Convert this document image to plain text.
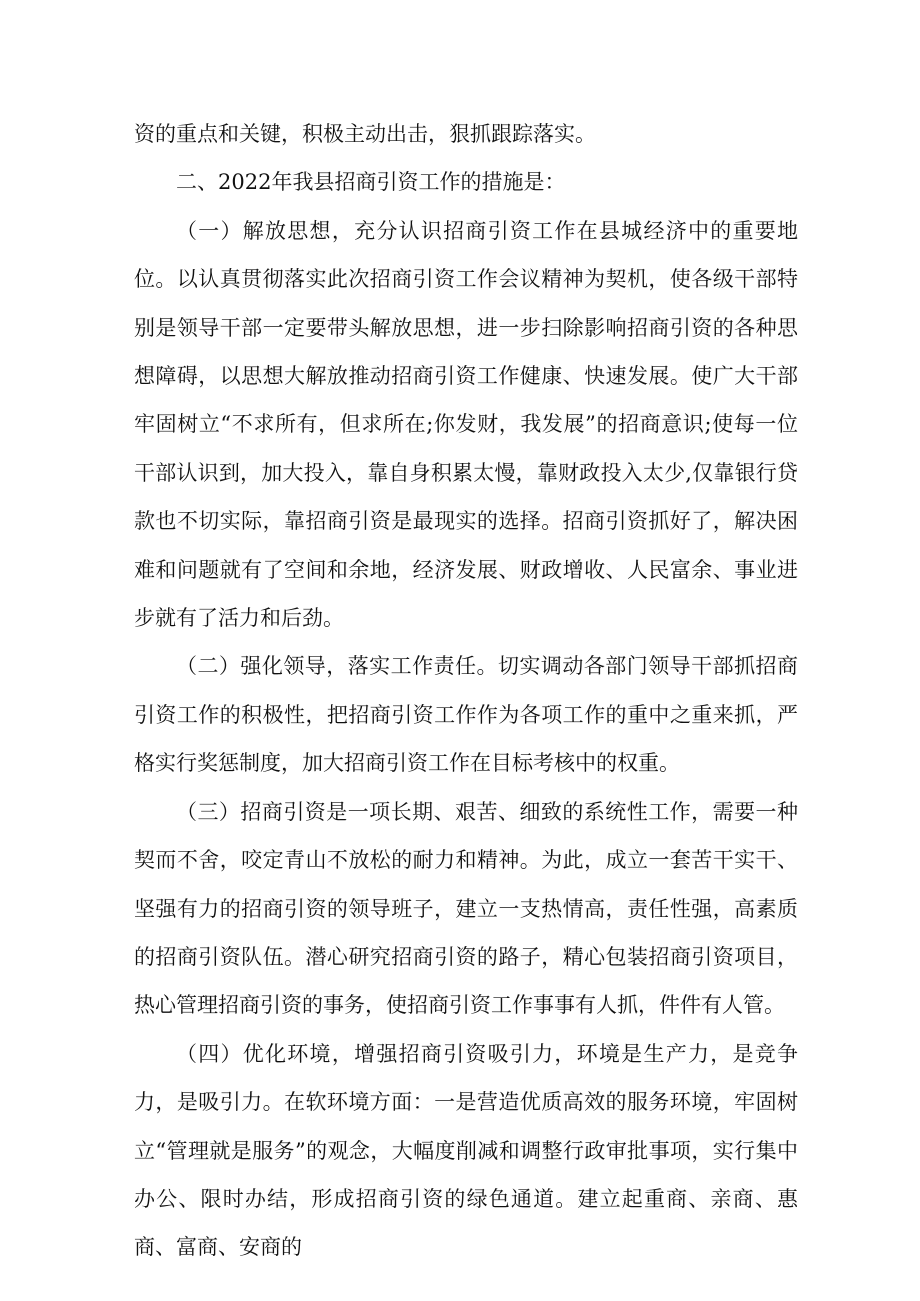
资的重点和关键，积极主动出击，狠抓跟踪落实。

二、2022年我县招商引资工作的措施是：

（一）解放思想，充分认识招商引资工作在县城经济中的重要地位。以认真贯彻落实此次招商引资工作会议精神为契机，使各级干部特别是领导干部一定要带头解放思想，进一步扫除影响招商引资的各种思想障碍，以思想大解放推动招商引资工作健康、快速发展。使广大干部牢固树立“不求所有，但求所在;你发财，我发展”的招商意识;使每一位干部认识到，加大投入，靠自身积累太慢，靠财政投入太少,仅靠银行贷款也不切实际，靠招商引资是最现实的选择。招商引资抓好了，解决困难和问题就有了空间和余地，经济发展、财政增收、人民富余、事业进步就有了活力和后劲。

（二）强化领导，落实工作责任。切实调动各部门领导干部抓招商引资工作的积极性，把招商引资工作作为各项工作的重中之重来抓，严格实行奖惩制度，加大招商引资工作在目标考核中的权重。

（三）招商引资是一项长期、艰苦、细致的系统性工作，需要一种契而不舍，咬定青山不放松的耐力和精神。为此，成立一套苦干实干、坚强有力的招商引资的领导班子，建立一支热情高，责任性强，高素质的招商引资队伍。潜心研究招商引资的路子，精心包装招商引资项目，热心管理招商引资的事务，使招商引资工作事事有人抓，件件有人管。

（四）优化环境，增强招商引资吸引力，环境是生产力，是竞争力，是吸引力。在软环境方面：一是营造优质高效的服务环境，牢固树立“管理就是服务”的观念，大幅度削减和调整行政审批事项，实行集中办公、限时办结，形成招商引资的绿色通道。建立起重商、亲商、惠商、富商、安商的
